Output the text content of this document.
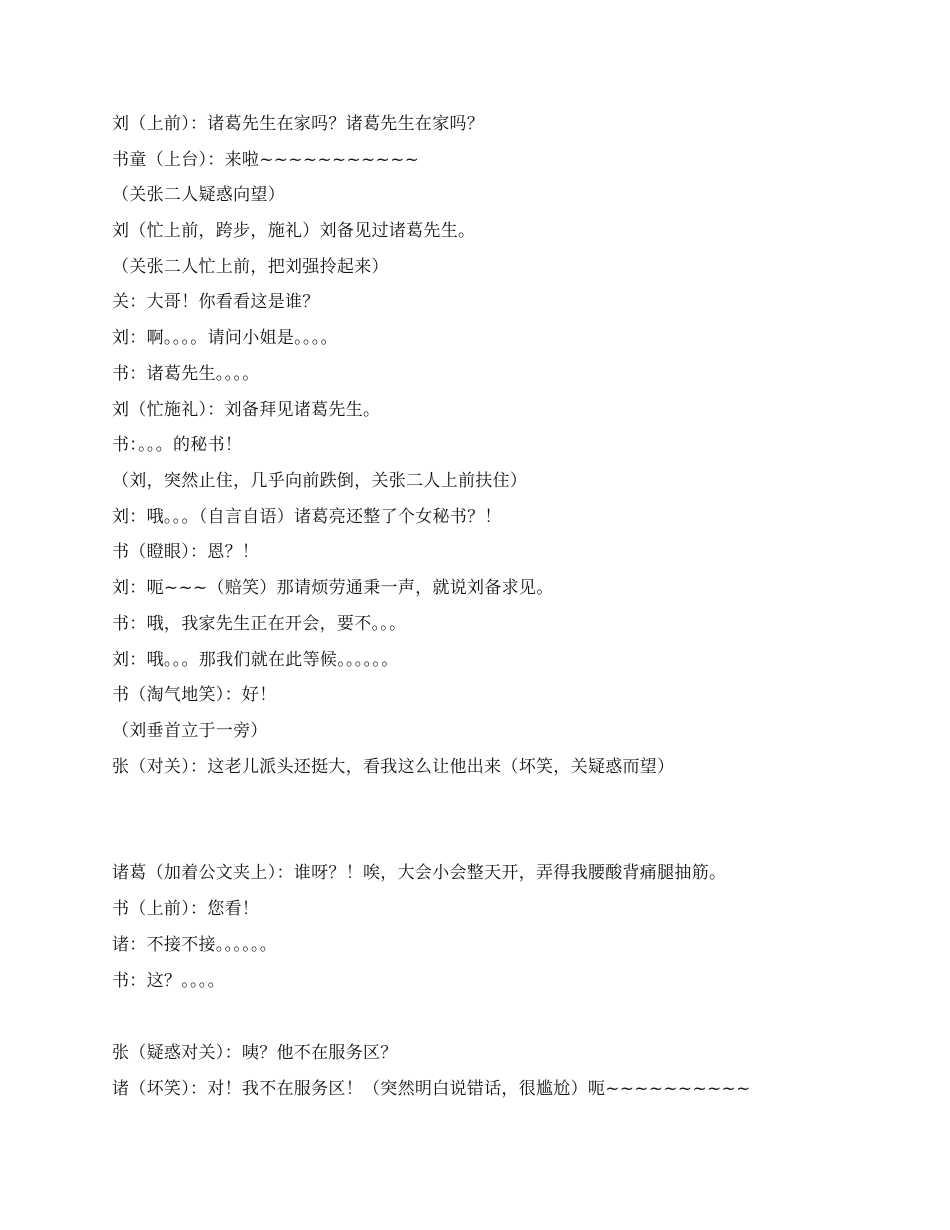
刘（上前）：诸葛先生在家吗？诸葛先生在家吗？
书童（上台）：来啦~~~~~~~~~~~
（关张二人疑惑向望）
刘（忙上前，跨步，施礼）刘备见过诸葛先生。
（关张二人忙上前，把刘强拎起来）
关：大哥！你看看这是谁？
刘：啊。。。。请问小姐是。。。。
书：诸葛先生。。。。
刘（忙施礼）：刘备拜见诸葛先生。
书：。。。的秘书！
（刘，突然止住，几乎向前跌倒，关张二人上前扶住）
刘：哦。。。（自言自语）诸葛亮还整了个女秘书？！
书（瞪眼）：恩？！
刘：呃~~~（赔笑）那请烦劳通秉一声，就说刘备求见。
书：哦，我家先生正在开会，要不。。。
刘：哦。。。那我们就在此等候。。。。。。
书（淘气地笑）：好！
（刘垂首立于一旁）
张（对关）：这老儿派头还挺大，看我这么让他出来（坏笑，关疑惑而望）
诸葛（加着公文夹上）：谁呀？！唉，大会小会整天开，弄得我腰酸背痛腿抽筋。
书（上前）：您看！
诸：不接不接。。。。。。
书：这？。。。。
张（疑惑对关）：咦？他不在服务区？
诸（坏笑）：对！我不在服务区！（突然明白说错话，很尴尬）呃~~~~~~~~~~
